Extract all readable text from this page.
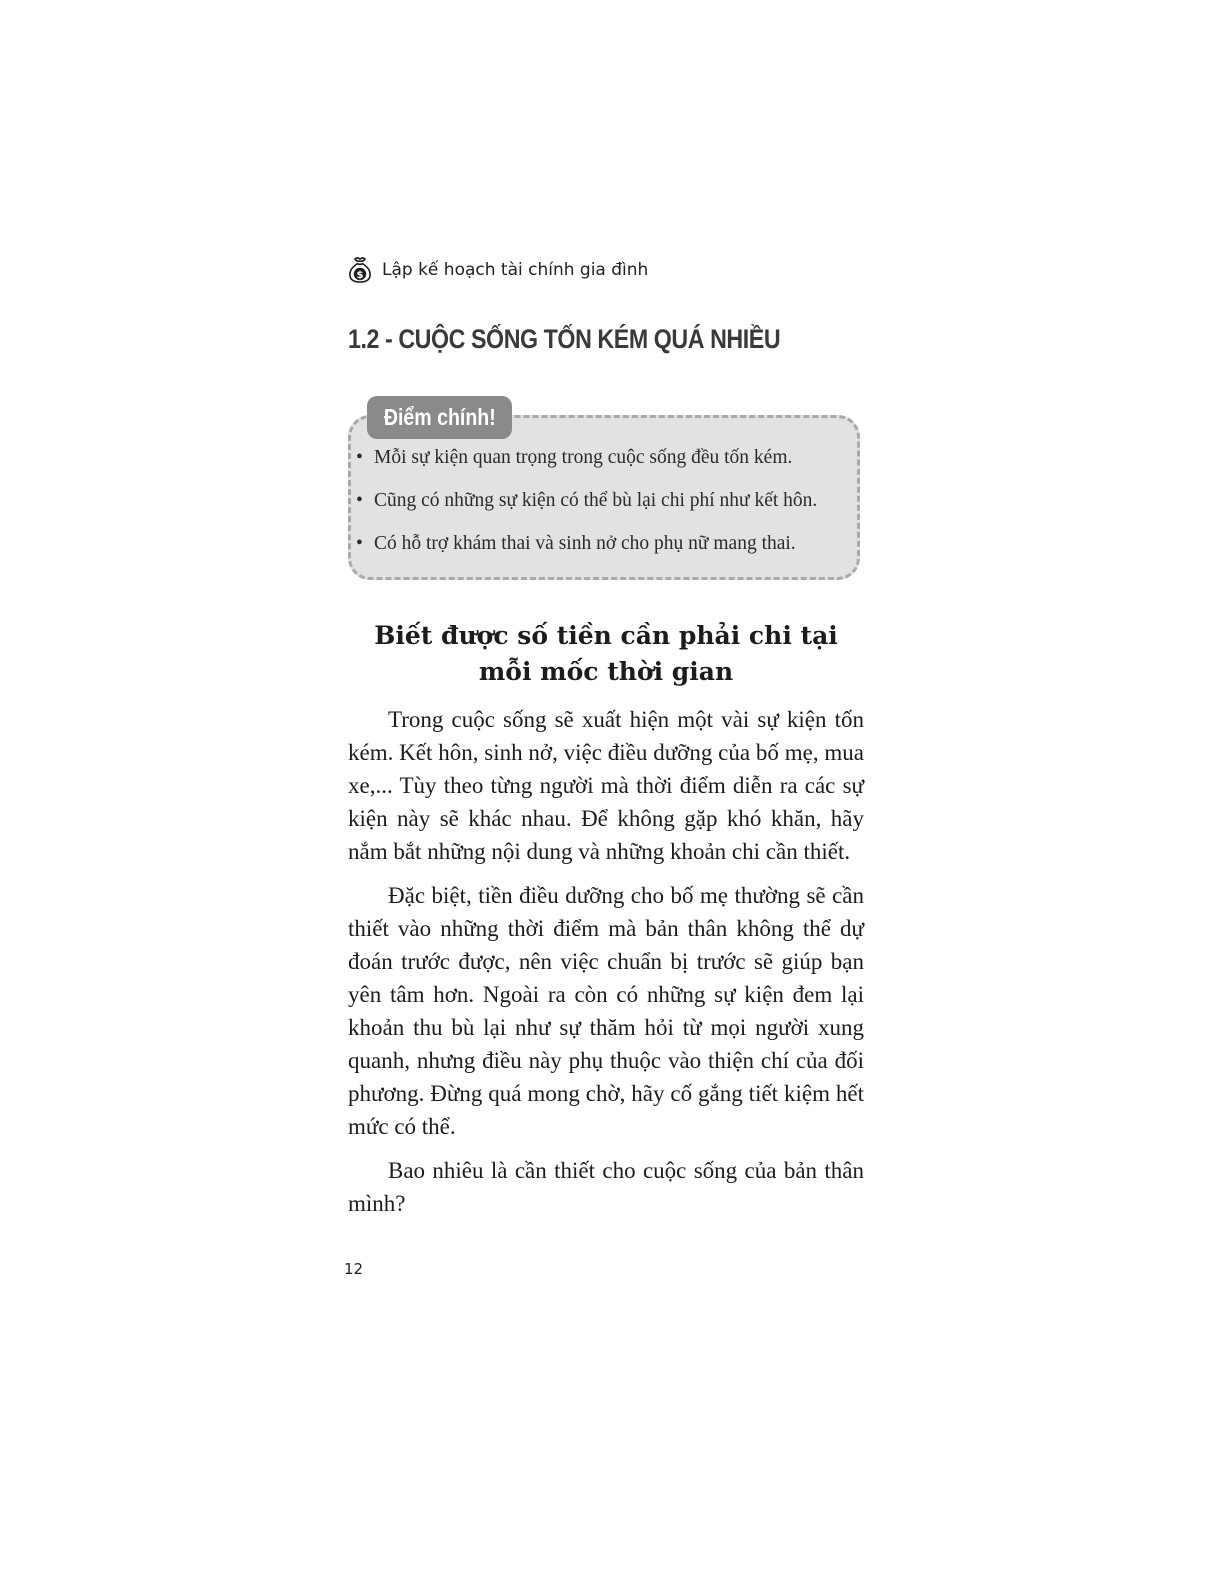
$ Lập kế hoạch tài chính gia đình
1.2 - CUỘC SỐNG TỐN KÉM QUÁ NHIỀU
Điểm chính!
• Mỗi sự kiện quan trọng trong cuộc sống đều tốn kém.
• Cũng có những sự kiện có thể bù lại chi phí như kết hôn.
• Có hỗ trợ khám thai và sinh nở cho phụ nữ mang thai.
Biết được số tiền cần phải chi tại mỗi mốc thời gian

Trong cuộc sống sẽ xuất hiện một vài sự kiện tốn kém. Kết hôn, sinh nở, việc điều dưỡng của bố mẹ, mua xe,... Tùy theo từng người mà thời điểm diễn ra các sự kiện này sẽ khác nhau. Để không gặp khó khăn, hãy nắm bắt những nội dung và những khoản chi cần thiết.

Đặc biệt, tiền điều dưỡng cho bố mẹ thường sẽ cần thiết vào những thời điểm mà bản thân không thể dự đoán trước được, nên việc chuẩn bị trước sẽ giúp bạn yên tâm hơn. Ngoài ra còn có những sự kiện đem lại khoản thu bù lại như sự thăm hỏi từ mọi người xung quanh, nhưng điều này phụ thuộc vào thiện chí của đối phương. Đừng quá mong chờ, hãy cố gắng tiết kiệm hết mức có thể.

Bao nhiêu là cần thiết cho cuộc sống của bản thân mình?

12
